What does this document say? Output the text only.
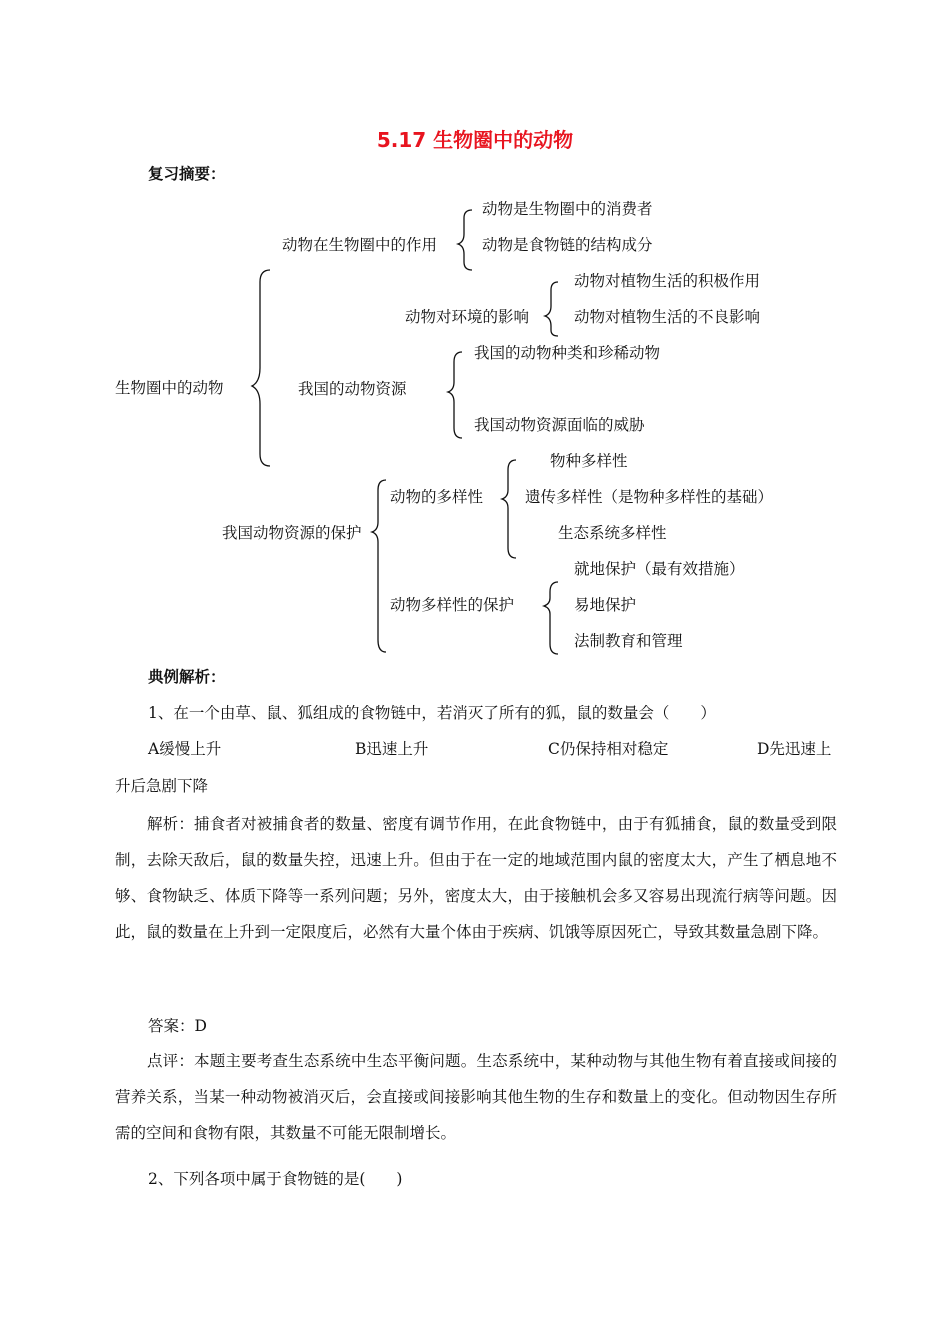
5.17 生物圈中的动物
复习摘要：
生物圈中的动物
动物在生物圈中的作用
动物是生物圈中的消费者
动物是食物链的结构成分
动物对环境的影响
动物对植物生活的积极作用
动物对植物生活的不良影响
我国的动物资源
我国的动物种类和珍稀动物
我国动物资源面临的威胁
我国动物资源的保护
动物的多样性
物种多样性
遗传多样性（是物种多样性的基础）
生态系统多样性
动物多样性的保护
就地保护（最有效措施）
易地保护
法制教育和管理
典例解析：
1、在一个由草、鼠、狐组成的食物链中，若消灭了所有的狐，鼠的数量会（　　）
A缓慢上升	B迅速上升	C仍保持相对稳定	D先迅速上
升后急剧下降
解析：捕食者对被捕食者的数量、密度有调节作用，在此食物链中，由于有狐捕食，鼠的数量受到限制，去除天敌后，鼠的数量失控，迅速上升。但由于在一定的地域范围内鼠的密度太大，产生了栖息地不够、食物缺乏、体质下降等一系列问题；另外，密度太大，由于接触机会多又容易出现流行病等问题。因此，鼠的数量在上升到一定限度后，必然有大量个体由于疾病、饥饿等原因死亡，导致其数量急剧下降。
答案：D
点评：本题主要考查生态系统中生态平衡问题。生态系统中，某种动物与其他生物有着直接或间接的营养关系，当某一种动物被消灭后，会直接或间接影响其他生物的生存和数量上的变化。但动物因生存所需的空间和食物有限，其数量不可能无限制增长。
2、下列各项中属于食物链的是(　　)
